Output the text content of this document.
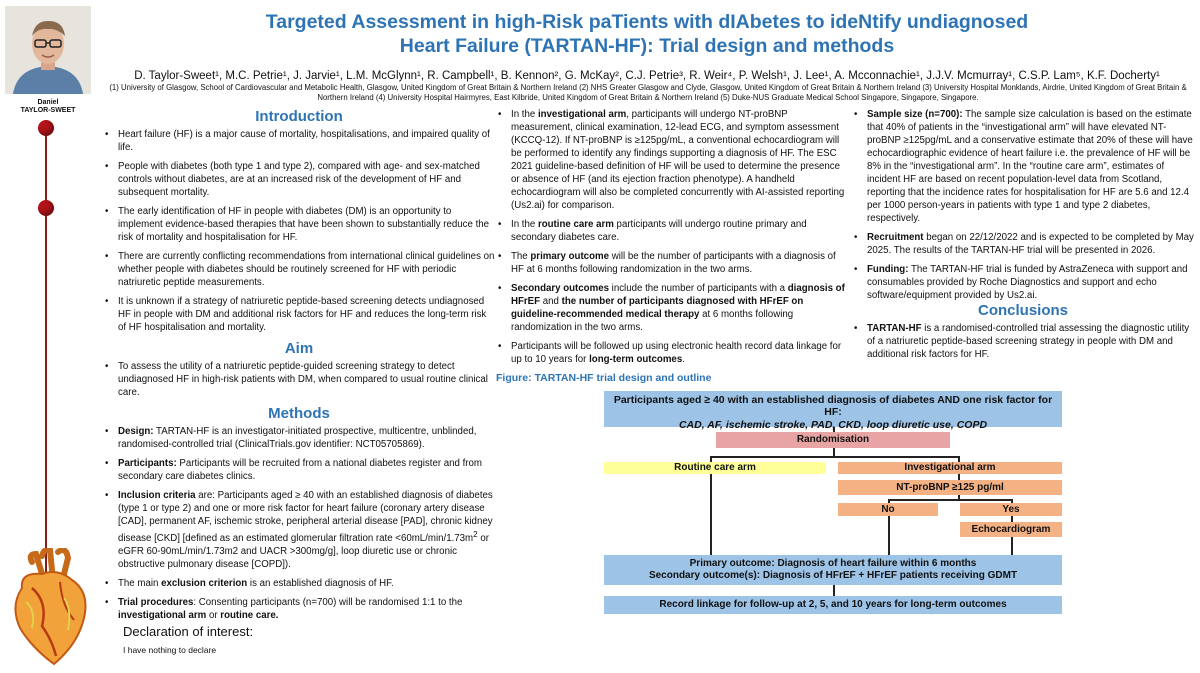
Daniel
TAYLOR-SWEET
Targeted Assessment in high-Risk paTients with dIAbetes to ideNtify undiagnosed
Heart Failure (TARTAN-HF): Trial design and methods
D. Taylor-Sweet¹, M.C. Petrie¹, J. Jarvie¹, L.M. McGlynn¹, R. Campbell¹, B. Kennon², G. McKay², C.J. Petrie³, R. Weir⁴, P. Welsh¹, J. Lee¹, A. Mcconnachie¹, J.J.V. Mcmurray¹, C.S.P. Lam⁵, K.F. Docherty¹
(1) University of Glasgow, School of Cardiovascular and Metabolic Health, Glasgow, United Kingdom of Great Britain & Northern Ireland (2) NHS Greater Glasgow and Clyde, Glasgow, United Kingdom of Great Britain & Northern Ireland (3) University Hospital Monklands, Airdrie, United Kingdom of Great Britain & Northern Ireland (4) University Hospital Hairmyres, East Kilbride, United Kingdom of Great Britain & Northern Ireland (5) Duke-NUS Graduate Medical School Singapore, Singapore, Singapore.
Introduction
• Heart failure (HF) is a major cause of mortality, hospitalisations, and impaired quality of life.
• People with diabetes (both type 1 and type 2), compared with age- and sex-matched controls without diabetes, are at an increased risk of the development of HF and subsequent mortality.
• The early identification of HF in people with diabetes (DM) is an opportunity to implement evidence-based therapies that have been shown to substantially reduce the risk of mortality and hospitalisation for HF.
• There are currently conflicting recommendations from international clinical guidelines on whether people with diabetes should be routinely screened for HF with periodic natriuretic peptide measurements.
• It is unknown if a strategy of natriuretic peptide-based screening detects undiagnosed HF in people with DM and additional risk factors for HF and reduces the long-term risk of HF hospitalisation and mortality.
Aim
• To assess the utility of a natriuretic peptide-guided screening strategy to detect undiagnosed HF in high-risk patients with DM, when compared to usual routine clinical care.
Methods
• Design: TARTAN-HF is an investigator-initiated prospective, multicentre, unblinded, randomised-controlled trial (ClinicalTrials.gov identifier: NCT05705869).
• Participants: Participants will be recruited from a national diabetes register and from secondary care diabetes clinics.
• Inclusion criteria are: Participants aged ≥ 40 with an established diagnosis of diabetes (type 1 or type 2) and one or more risk factor for heart failure (coronary artery disease [CAD], permanent AF, ischemic stroke, peripheral arterial disease [PAD], chronic kidney disease [CKD] [defined as an estimated glomerular filtration rate $<60mL/\min/1.73m^2$ or eGFR 60-90mL/min/1.73m2 and UACR >300mg/g], loop diuretic use or chronic obstructive pulmonary disease [COPD]).
• The main exclusion criterion is an established diagnosis of HF.
• Trial procedures: Consenting participants (n=700) will be randomised 1:1 to the investigational arm or routine care.
• In the investigational arm, participants will undergo NT-proBNP measurement, clinical examination, 12-lead ECG, and symptom assessment (KCCQ-12). If NT-proBNP is ≥125pg/mL, a conventional echocardiogram will be performed to identify any findings supporting a diagnosis of HF. The ESC 2021 guideline-based definition of HF will be used to determine the presence or absence of HF (and its ejection fraction phenotype). A handheld echocardiogram will also be completed concurrently with AI-assisted reporting (Us2.ai) for comparison.
• In the routine care arm participants will undergo routine primary and secondary diabetes care.
• The primary outcome will be the number of participants with a diagnosis of HF at 6 months following randomization in the two arms.
• Secondary outcomes include the number of participants with a diagnosis of HFrEF and the number of participants diagnosed with HFrEF on guideline-recommended medical therapy at 6 months following randomization in the two arms.
• Participants will be followed up using electronic health record data linkage for up to 10 years for long-term outcomes.
Figure: TARTAN-HF trial design and outline
• Sample size (n=700): The sample size calculation is based on the estimate that 40% of patients in the “investigational arm” will have elevated NT-proBNP ≥125pg/mL and a conservative estimate that 20% of these will have echocardiographic evidence of heart failure i.e. the prevalence of HF will be 8% in the “investigational arm”. In the “routine care arm”, estimates of incident HF are based on recent population-level data from Scotland, reporting that the incidence rates for hospitalisation for HF are 5.6 and 12.4 per 1000 person-years in patients with type 1 and type 2 diabetes, respectively.
• Recruitment began on 22/12/2022 and is expected to be completed by May 2025. The results of the TARTAN-HF trial will be presented in 2026.
• Funding: The TARTAN-HF trial is funded by AstraZeneca with support and consumables provided by Roche Diagnostics and support and echo software/equipment provided by Us2.ai.
Conclusions
• TARTAN-HF is a randomised-controlled trial assessing the diagnostic utility of a natriuretic peptide-based screening strategy in people with DM and additional risk factors for HF.
Participants aged ≥ 40 with an established diagnosis of diabetes AND one risk factor for HF:
CAD, AF, ischemic stroke, PAD, CKD, loop diuretic use, COPD
Randomisation
Routine care arm	Investigational arm
NT-proBNP ≥125 pg/ml
No	Yes
Echocardiogram
Primary outcome: Diagnosis of heart failure within 6 months
Secondary outcome(s): Diagnosis of HFrEF + HFrEF patients receiving GDMT
Record linkage for follow-up at 2, 5, and 10 years for long-term outcomes
Declaration of interest:
I have nothing to declare
